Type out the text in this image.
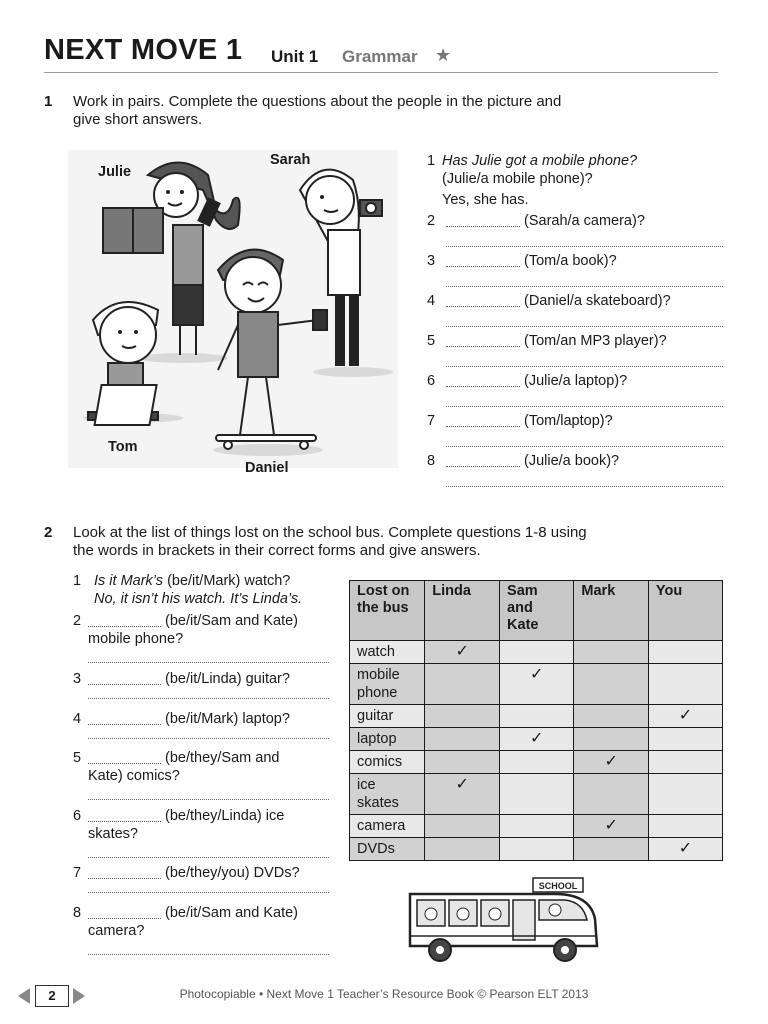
NEXT MOVE 1 Unit 1 Grammar ★
1 Work in pairs. Complete the questions about the people in the picture and
give short answers.
Julie
Sarah
Tom
Daniel
1 Has Julie got a mobile phone?
(Julie/a mobile phone)?
Yes, she has.
2	(Sarah/a camera)?
3	(Tom/a book)?
4	(Daniel/a skateboard)?
5	(Tom/an MP3 player)?
6	(Julie/a laptop)?
7	(Tom/laptop)?
8	(Julie/a book)?
2 Look at the list of things lost on the school bus. Complete questions 1-8 using
the words in brackets in their correct forms and give answers.
1 Is it Mark’s (be/it/Mark) watch?
No, it isn’t his watch. It’s Linda’s.
2	(be/it/Sam and Kate)
mobile phone?
3	(be/it/Linda) guitar?
4	(be/it/Mark) laptop?
5	(be/they/Sam and
Kate) comics?
6	(be/they/Linda) ice
skates?
7	(be/they/you) DVDs?
8	(be/it/Sam and Kate)
camera?
Lost on the bus	Linda	Sam and Kate	Mark	You
watch	✓			
mobile phone		✓		
guitar				✓
laptop		✓		
comics			✓	
ice skates	✓			
camera			✓	
DVDs				✓
SCHOOL
2	Photocopiable • Next Move 1 Teacher’s Resource Book © Pearson ELT 2013
